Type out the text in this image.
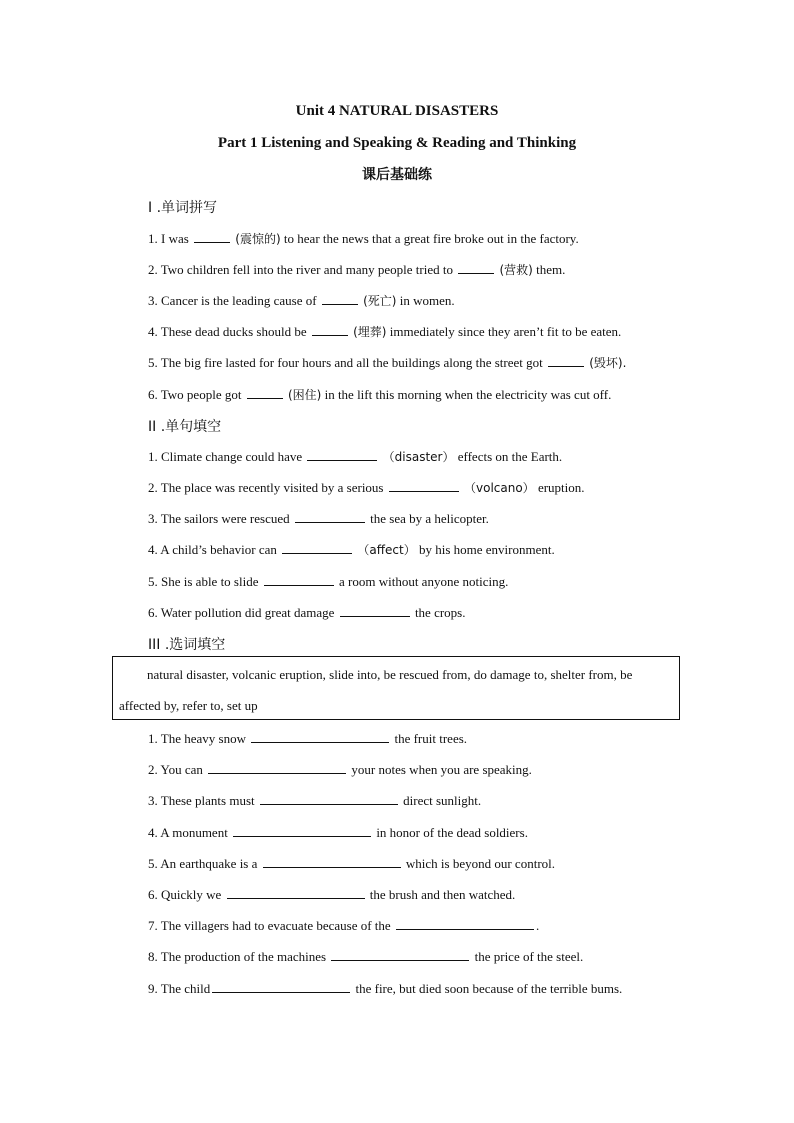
Unit 4 NATURAL DISASTERS
Part 1 Listening and Speaking & Reading and Thinking
课后基础练
I .单词拼写
1. I was	(震惊的) to hear the news that a great fire broke out in the factory.
2. Two children fell into the river and many people tried to	(营救) them.
3. Cancer is the leading cause of	(死亡) in women.
4. These dead ducks should be	(埋葬) immediately since they aren’t fit to be eaten.
5. The big fire lasted for four hours and all the buildings along the street got	(毁坏).
6. Two people got	(困住) in the lift this morning when the electricity was cut off.
II .单句填空
1. Climate change could have	（disaster） effects on the Earth.
2. The place was recently visited by a serious	（volcano） eruption.
3. The sailors were rescued	the sea by a helicopter.
4. A child’s behavior can	（affect） by his home environment.
5. She is able to slide	a room without anyone noticing.
6. Water pollution did great damage	the crops.
III .选词填空
natural disaster, volcanic eruption, slide into, be rescued from, do damage to, shelter from, be
affected by, refer to, set up
1. The heavy snow	the fruit trees.
2. You can	your notes when you are speaking.
3. These plants must	direct sunlight.
4. A monument	in honor of the dead soldiers.
5. An earthquake is a	which is beyond our control.
6. Quickly we	the brush and then watched.
7. The villagers had to evacuate because of the	.
8. The production of the machines	the price of the steel.
9. The child	the fire, but died soon because of the terrible bums.
